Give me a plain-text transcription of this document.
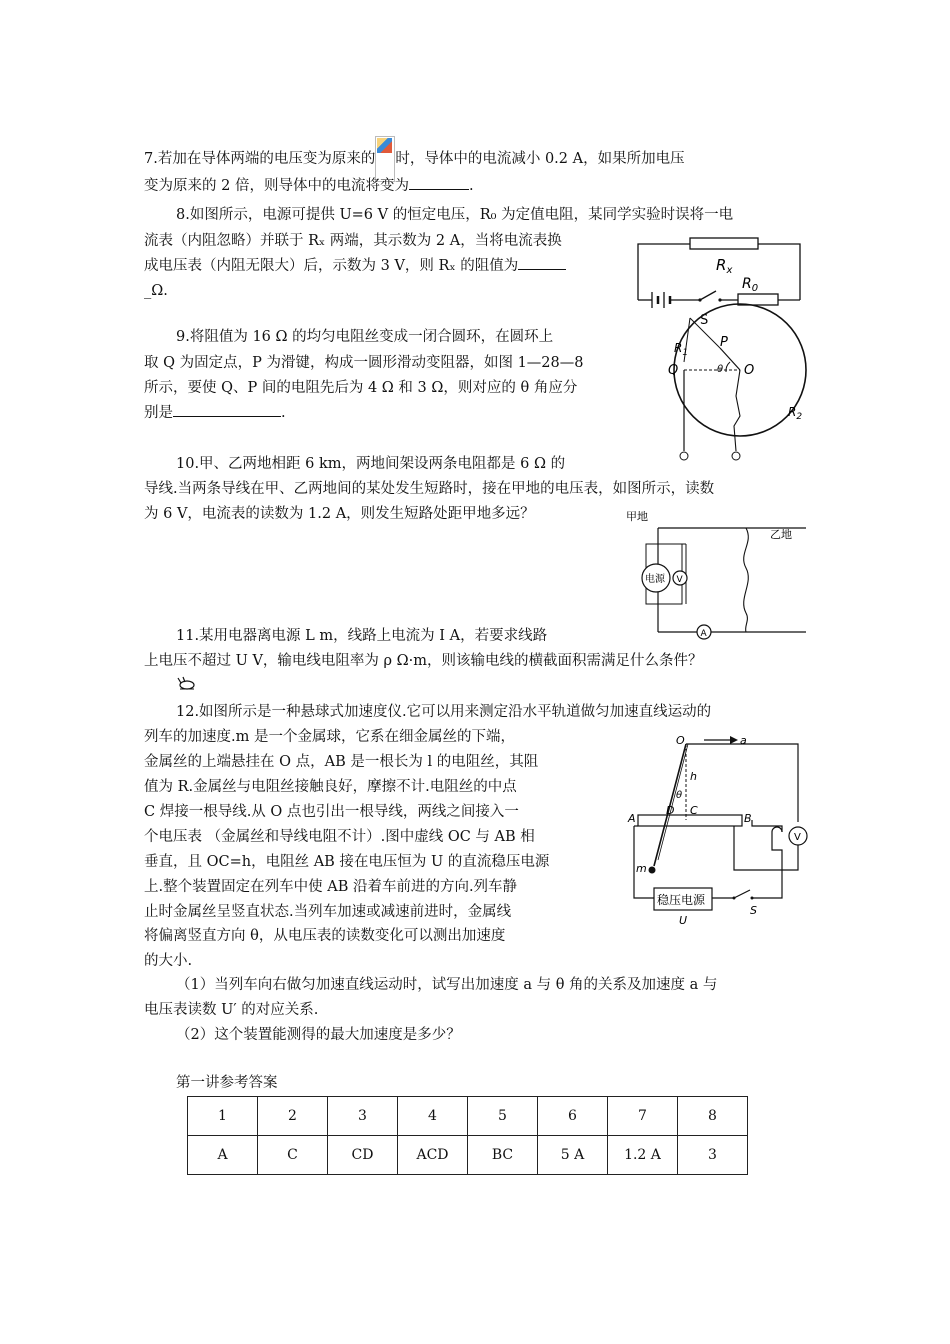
7.若加在导体两端的电压变为原来的 时，导体中的电流减小 0.2 A，如果所加电压
变为原来的 2 倍，则导体中的电流将变为	.
8.如图所示，电源可提供 U=6 V 的恒定电压，R₀ 为定值电阻，某同学实验时误将一电
流表（内阻忽略）并联于 Rₓ 两端，其示数为 2 A，当将电流表换
成电压表（内阻无限大）后，示数为 3 V，则 Rₓ 的阻值为
_Ω.
$R_x$
$R_0$
S
9.将阻值为 16 Ω 的均匀电阻丝变成一闭合圆环，在圆环上
取 Q 为固定点，P 为滑键，构成一圆形滑动变阻器，如图 1—28—8
所示，要使 Q、P 间的电阻先后为 4 Ω 和 3 Ω，则对应的 θ 角应分
别是	.
$R_1$
P
Q	O
θ
$R_2$
10.甲、乙两地相距 6 km，两地间架设两条电阻都是 6 Ω 的
导线.当两条导线在甲、乙两地间的某处发生短路时，接在甲地的电压表，如图所示，读数
为 6 V，电流表的读数为 1.2 A，则发生短路处距甲地多远？
电源 V
A
甲地
乙地
11.某用电器离电源 L m，线路上电流为 I A，若要求线路
上电压不超过 U V，输电线电阻率为 ρ Ω·m，则该输电线的横截面积需满足什么条件？
12.如图所示是一种悬球式加速度仪.它可以用来测定沿水平轨道做匀加速直线运动的
列车的加速度.m 是一个金属球，它系在细金属丝的下端，
金属丝的上端悬挂在 O 点，AB 是一根长为 l 的电阻丝，其阻
值为 R.金属丝与电阻丝接触良好，摩擦不计.电阻丝的中点
C 焊接一根导线.从 O 点也引出一根导线，两线之间接入一
个电压表 （金属丝和导线电阻不计）.图中虚线 OC 与 AB 相
垂直，且 OC=h，电阻丝 AB 接在电压恒为 U 的直流稳压电源
上.整个装置固定在列车中使 AB 沿着车前进的方向.列车静
止时金属丝呈竖直状态.当列车加速或减速前进时，金属线
将偏离竖直方向 θ，从电压表的读数变化可以测出加速度
的大小.
（1）当列车向右做匀加速直线运动时，试写出加速度 a 与 θ 角的关系及加速度 a 与
电压表读数 U′ 的对应关系.
（2）这个装置能测得的最大加速度是多少？
V
稳压电源
U
S
a
O
h
θ
A	B
C
D
m
第一讲参考答案
1	2	3	4	5	6	7	8
A	C	CD	ACD	BC	5 A	1.2 A	3
